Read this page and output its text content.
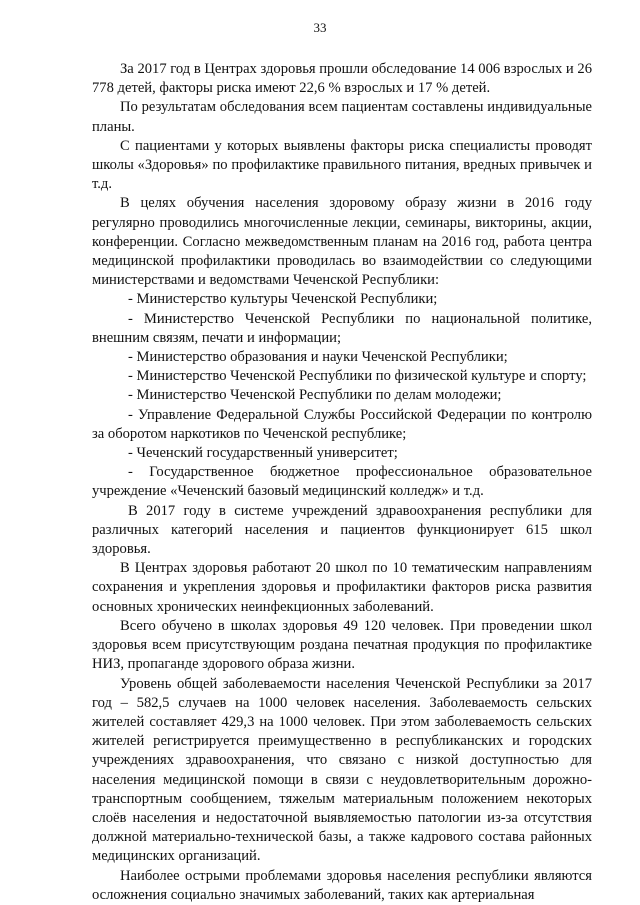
33

За 2017 год в Центрах здоровья прошли обследование 14 006 взрослых и 26 778 детей, факторы риска имеют 22,6 % взрослых и 17 % детей.

По результатам обследования всем пациентам составлены индивидуальные планы.

С пациентами у которых выявлены факторы риска специалисты проводят школы «Здоровья» по профилактике правильного питания, вредных привычек и т.д.

В целях обучения населения здоровому образу жизни в 2016 году регулярно проводились многочисленные лекции, семинары, викторины, акции, конференции. Согласно межведомственным планам на 2016 год, работа центра медицинской профилактики проводилась во взаимодействии со следующими министерствами и ведомствами Чеченской Республики:

- Министерство культуры Чеченской Республики;

- Министерство Чеченской Республики по национальной политике, внешним связям, печати и информации;

- Министерство образования и науки Чеченской Республики;

- Министерство Чеченской Республики по физической культуре и спорту;

- Министерство Чеченской Республики по делам молодежи;

- Управление Федеральной Службы Российской Федерации по контролю за оборотом наркотиков по Чеченской республике;

- Чеченский государственный университет;

- Государственное бюджетное профессиональное образовательное учреждение «Чеченский базовый медицинский колледж» и т.д.

В 2017 году в системе учреждений здравоохранения республики для различных категорий населения и пациентов функционирует 615 школ здоровья.

В Центрах здоровья работают 20 школ по 10 тематическим направлениям сохранения и укрепления здоровья и профилактики факторов риска развития основных хронических неинфекционных заболеваний.

Всего обучено в школах здоровья 49 120 человек. При проведении школ здоровья всем присутствующим роздана печатная продукция по профилактике НИЗ, пропаганде здорового образа жизни.

Уровень общей заболеваемости населения Чеченской Республики за 2017 год – 582,5 случаев на 1000 человек населения. Заболеваемость сельских жителей составляет 429,3 на 1000 человек. При этом заболеваемость сельских жителей регистрируется преимущественно в республиканских и городских учреждениях здравоохранения, что связано с низкой доступностью для населения медицинской помощи в связи с неудовлетворительным дорожно-транспортным сообщением, тяжелым материальным положением некоторых слоёв населения и недостаточной выявляемостью патологии из-за отсутствия должной материально-технической базы, а также кадрового состава районных медицинских организаций.

Наиболее острыми проблемами здоровья населения республики являются осложнения социально значимых заболеваний, таких как артериальная
